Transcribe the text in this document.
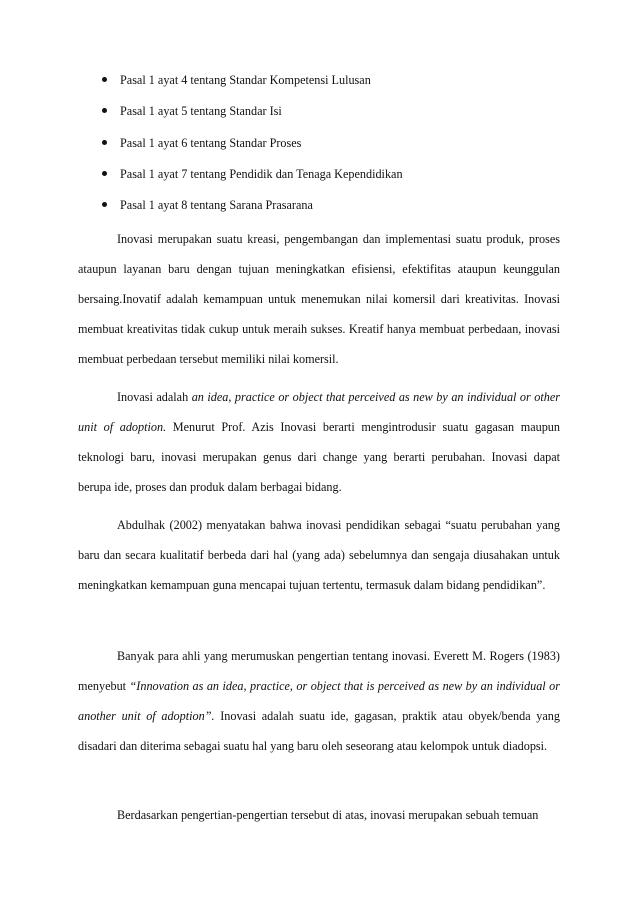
Pasal 1 ayat 4 tentang Standar Kompetensi Lulusan
Pasal 1 ayat 5 tentang Standar Isi
Pasal 1 ayat 6 tentang Standar Proses
Pasal 1 ayat 7 tentang Pendidik dan Tenaga Kependidikan
Pasal 1 ayat 8 tentang Sarana Prasarana

Inovasi merupakan suatu kreasi, pengembangan dan implementasi suatu produk, proses ataupun layanan baru dengan tujuan meningkatkan efisiensi, efektifitas ataupun keunggulan bersaing.Inovatif adalah kemampuan untuk menemukan nilai komersil dari kreativitas. Inovasi membuat kreativitas tidak cukup untuk meraih sukses. Kreatif hanya membuat perbedaan, inovasi membuat perbedaan tersebut memiliki nilai komersil.

Inovasi adalah an idea, practice or object that perceived as new by an individual or other unit of adoption. Menurut Prof. Azis Inovasi berarti mengintrodusir suatu gagasan maupun teknologi baru, inovasi merupakan genus dari change yang berarti perubahan. Inovasi dapat berupa ide, proses dan produk dalam berbagai bidang.

Abdulhak (2002) menyatakan bahwa inovasi pendidikan sebagai “suatu perubahan yang baru dan secara kualitatif berbeda dari hal (yang ada) sebelumnya dan sengaja diusahakan untuk meningkatkan kemampuan guna mencapai tujuan tertentu, termasuk dalam bidang pendidikan”.

Banyak para ahli yang merumuskan pengertian tentang inovasi. Everett M. Rogers (1983) menyebut “Innovation as an idea, practice, or object that is perceived as new by an individual or another unit of adoption”. Inovasi adalah suatu ide, gagasan, praktik atau obyek/benda yang disadari dan diterima sebagai suatu hal yang baru oleh seseorang atau kelompok untuk diadopsi.

Berdasarkan pengertian-pengertian tersebut di atas, inovasi merupakan sebuah temuan
